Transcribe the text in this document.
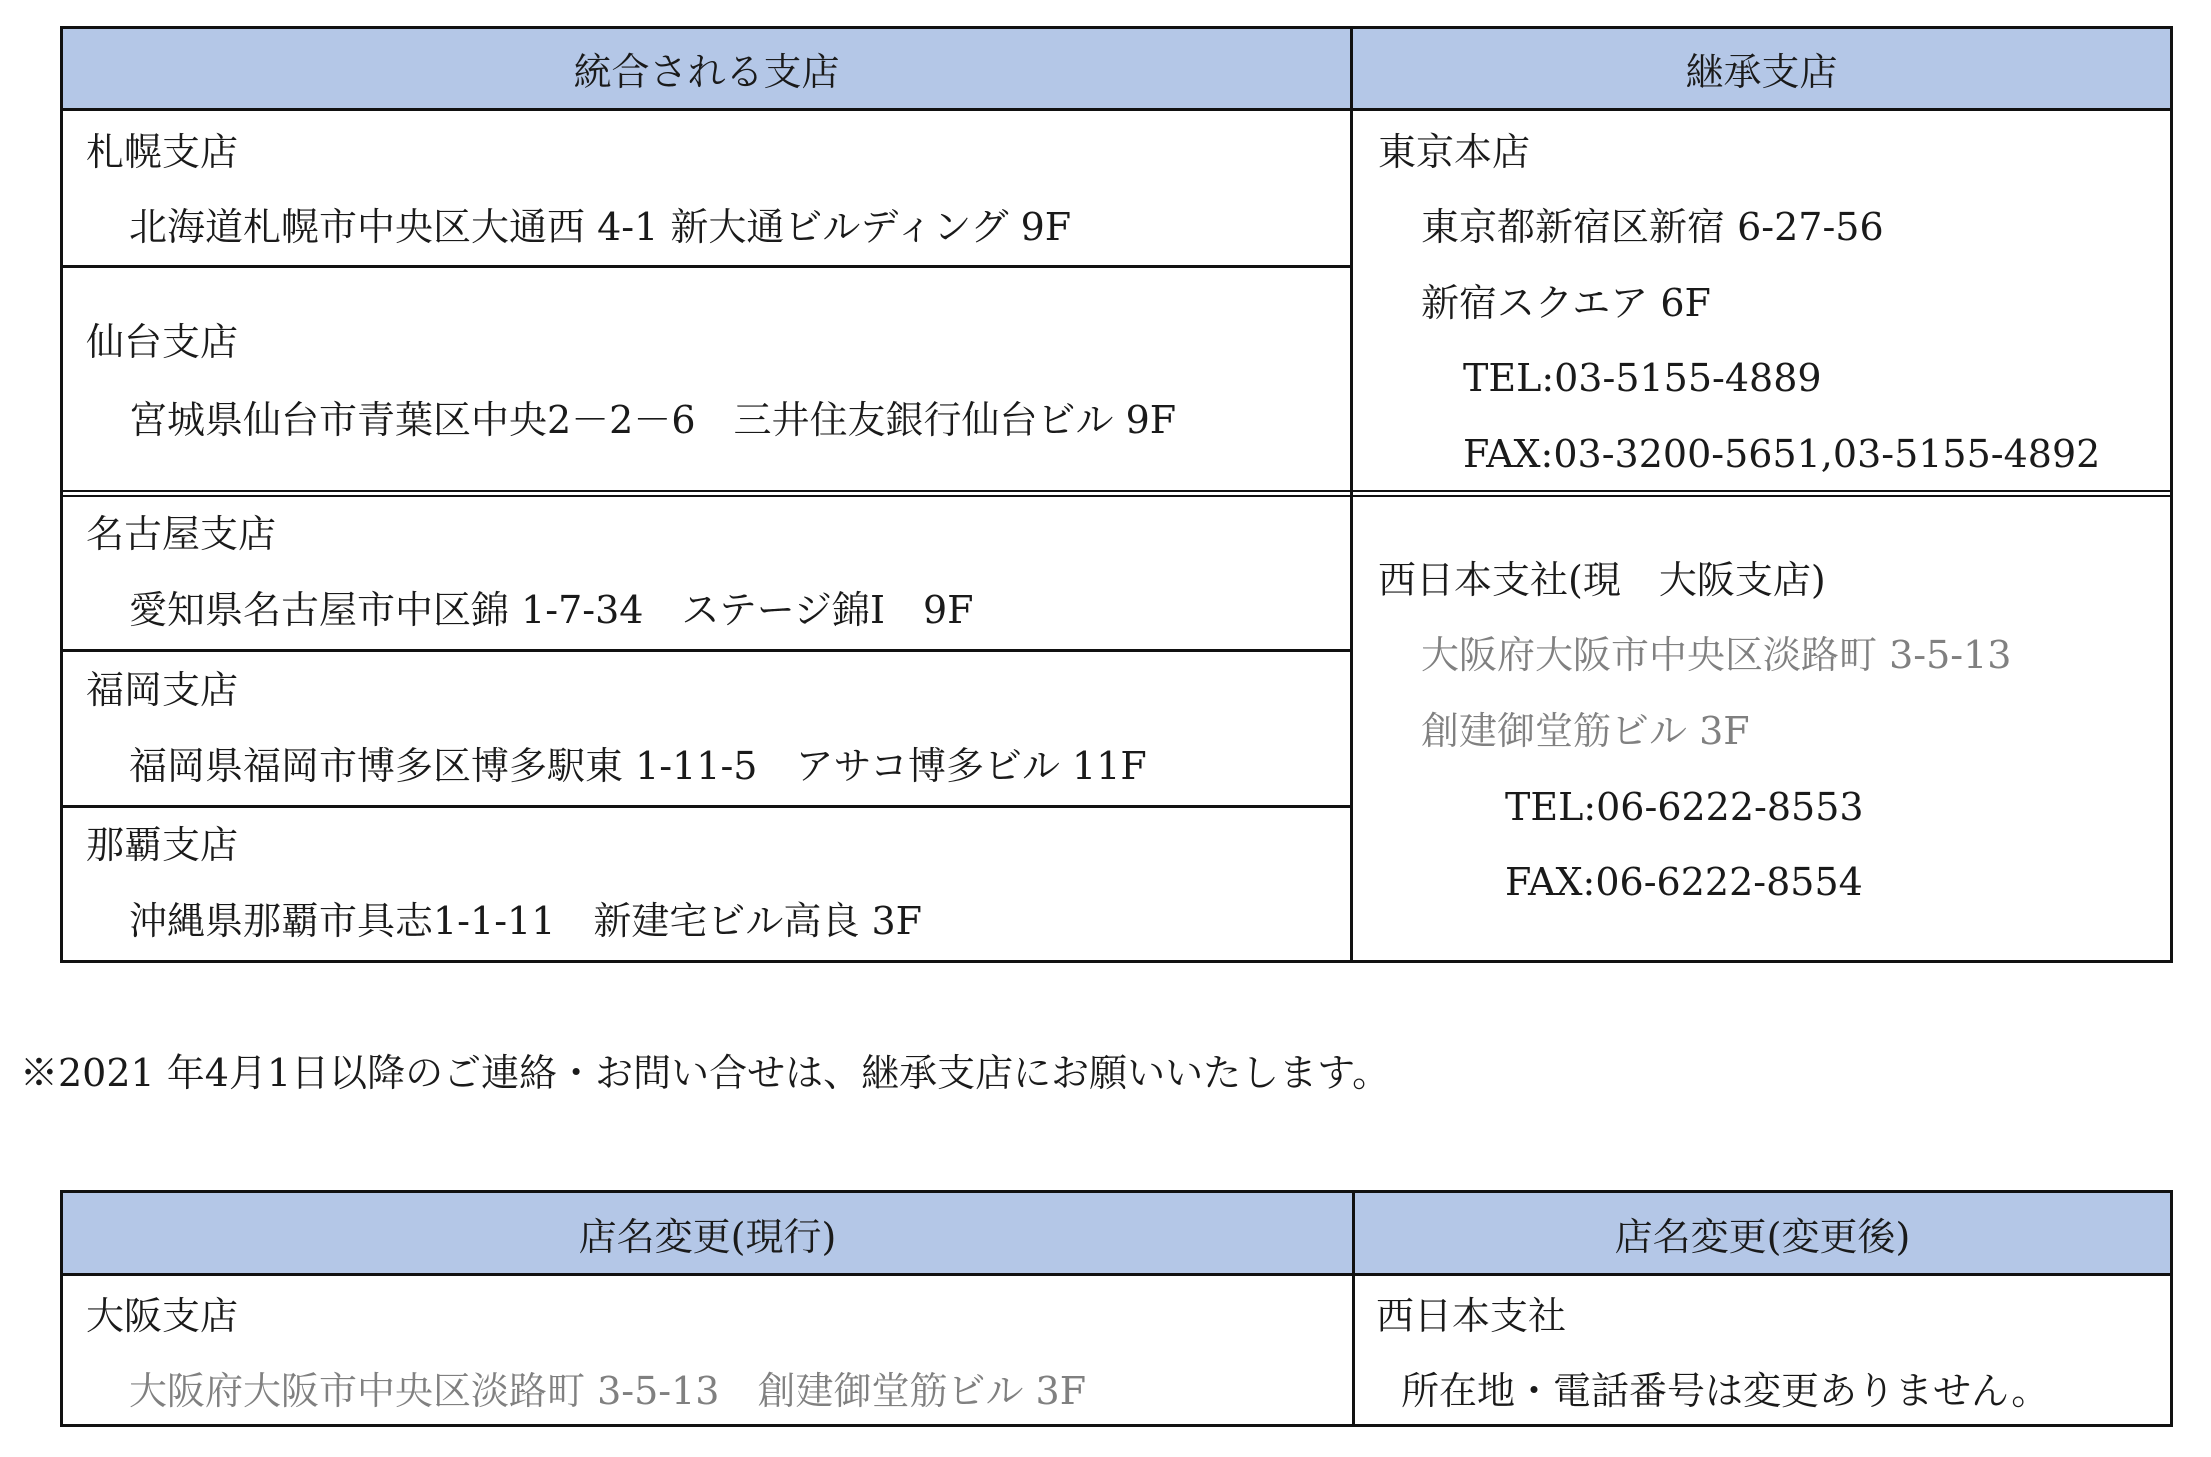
統合される支店	継承支店
札幌支店
北海道札幌市中央区大通西 4-1 新大通ビルディング 9F
仙台支店
宮城県仙台市青葉区中央2－2－6　三井住友銀行仙台ビル 9F
名古屋支店
愛知県名古屋市中区錦 1-7-34　ステージ錦Ⅰ　9F
福岡支店
福岡県福岡市博多区博多駅東 1-11-5　アサコ博多ビル 11F
那覇支店
沖縄県那覇市具志1-1-11　新建宅ビル高良 3F
東京本店
東京都新宿区新宿 6-27-56
新宿スクエア 6F
TEL:03-5155-4889
FAX:03-3200-5651,03-5155-4892
西日本支社(現　大阪支店)
大阪府大阪市中央区淡路町 3-5-13
創建御堂筋ビル 3F
TEL:06-6222-8553
FAX:06-6222-8554
※2021 年4月1日以降のご連絡・お問い合せは、継承支店にお願いいたします。
店名変更(現行)	店名変更(変更後)
大阪支店
大阪府大阪市中央区淡路町 3-5-13　創建御堂筋ビル 3F
西日本支社
所在地・電話番号は変更ありません。
